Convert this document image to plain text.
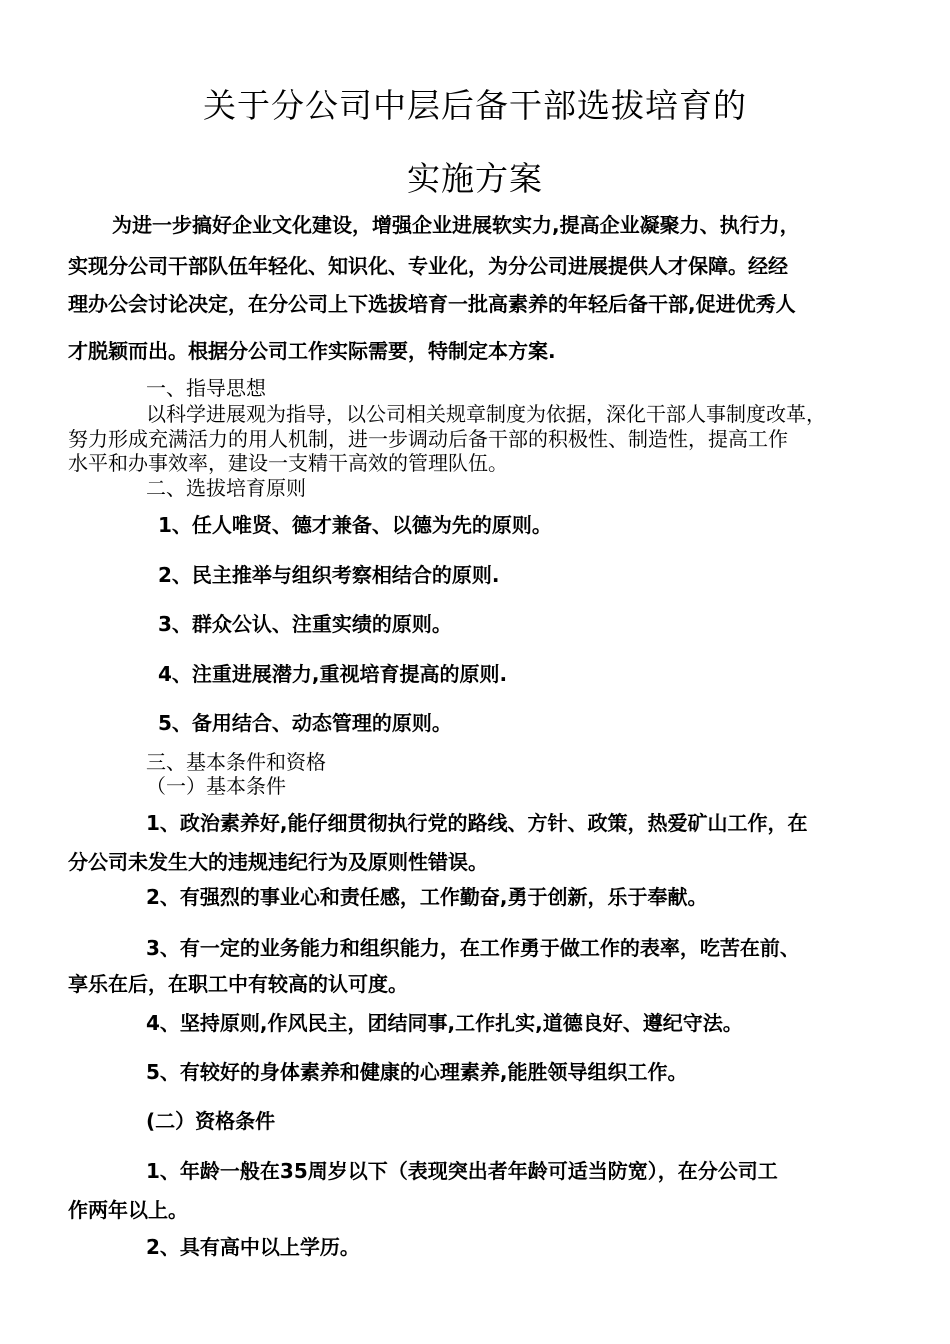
关于分公司中层后备干部选拔培育的
实施方案
为进一步搞好企业文化建设，增强企业进展软实力,提高企业凝聚力、执行力，
实现分公司干部队伍年轻化、知识化、专业化，为分公司进展提供人才保障。经经
理办公会讨论决定，在分公司上下选拔培育一批高素养的年轻后备干部,促进优秀人
才脱颖而出。根据分公司工作实际需要，特制定本方案.
一、指导思想
以科学进展观为指导，以公司相关规章制度为依据，深化干部人事制度改革，
努力形成充满活力的用人机制，进一步调动后备干部的积极性、制造性，提高工作
水平和办事效率，建设一支精干高效的管理队伍。
二、选拔培育原则
1、任人唯贤、德才兼备、以德为先的原则。
2、民主推举与组织考察相结合的原则.
3、群众公认、注重实绩的原则。
4、注重进展潜力,重视培育提高的原则.
5、备用结合、动态管理的原则。
三、基本条件和资格
（一）基本条件
1、政治素养好,能仔细贯彻执行党的路线、方针、政策，热爱矿山工作，在
分公司未发生大的违规违纪行为及原则性错误。
2、有强烈的事业心和责任感，工作勤奋,勇于创新，乐于奉献。
3、有一定的业务能力和组织能力，在工作勇于做工作的表率，吃苦在前、
享乐在后，在职工中有较高的认可度。
4、坚持原则,作风民主，团结同事,工作扎实,道德良好、遵纪守法。
5、有较好的身体素养和健康的心理素养,能胜领导组织工作。
(二）资格条件
1、年龄一般在35周岁以下（表现突出者年龄可适当防宽），在分公司工
作两年以上。
2、具有高中以上学历。
